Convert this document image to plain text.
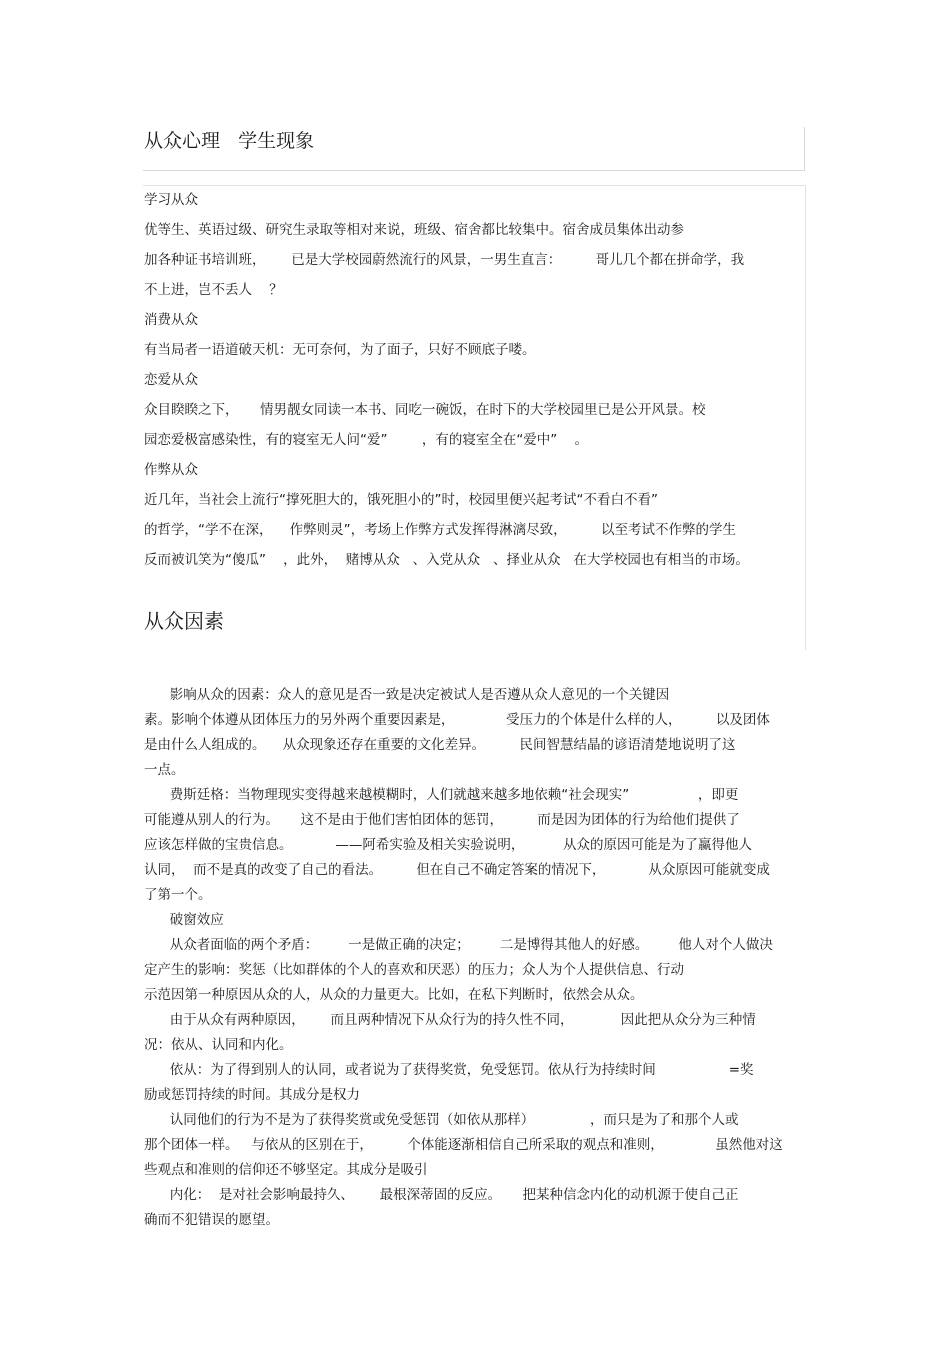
从众心理   学生现象

学习从众

优等生、英语过级、研究生录取等相对来说，班级、宿舍都比较集中。宿舍成员集体出动参

加各种证书培训班，      已是大学校园蔚然流行的风景，一男生直言：        哥儿几个都在拼命学，我

不上进，岂不丢人    ？

消费从众

有当局者一语道破天机：无可奈何，为了面子，只好不顾底子喽。

恋爱从众

众目睽睽之下，     情男靓女同读一本书、同吃一碗饭，在时下的大学校园里已是公开风景。校

园恋爱极富感染性，有的寝室无人问“爱”        ，有的寝室全在“爱中”    。

作弊从众

近几年，当社会上流行“撑死胆大的，饿死胆小的”时，校园里便兴起考试“不看白不看”

的哲学，“学不在深，    作弊则灵”，考场上作弊方式发挥得淋漓尽致，        以至考试不作弊的学生

反而被讥笑为“傻瓜”    ，此外，  赌博从众   、入党从众   、择业从众   在大学校园也有相当的市场。

从众因素

影响从众的因素：众人的意见是否一致是决定被试人是否遵从众人意见的一个关键因

素。影响个体遵从团体压力的另外两个重要因素是，            受压力的个体是什么样的人，        以及团体

是由什么人组成的。    从众现象还存在重要的文化差异。        民间智慧结晶的谚语清楚地说明了这

一点。

费斯廷格：当物理现实变得越来越模糊时，人们就越来越多地依赖“社会现实”                ，即更

可能遵从别人的行为。     这不是由于他们害怕团体的惩罚，        而是因为团体的行为给他们提供了

应该怎样做的宝贵信息。          ——阿希实验及相关实验说明，         从众的原因可能是为了赢得他人

认同，  而不是真的改变了自己的看法。        但在自己不确定答案的情况下，          从众原因可能就变成

了第一个。

破窗效应

从众者面临的两个矛盾：       一是做正确的决定；       二是博得其他人的好感。       他人对个人做决

定产生的影响：奖惩（比如群体的个人的喜欢和厌恶）的压力；众人为个人提供信息、行动

示范因第一种原因从众的人，从众的力量更大。比如，在私下判断时，依然会从众。

由于从众有两种原因，      而且两种情况下从众行为的持久性不同，           因此把从众分为三种情

况：依从、认同和内化。

依从：为了得到别人的认同，或者说为了获得奖赏，免受惩罚。依从行为持续时间                 =奖

励或惩罚持续的时间。其成分是权力

认同他们的行为不是为了获得奖赏或免受惩罚（如依从那样）             ，而只是为了和那个人或

那个团体一样。   与依从的区别在于，        个体能逐渐相信自己所采取的观点和准则，            虽然他对这

些观点和准则的信仰还不够坚定。其成分是吸引

内化：  是对社会影响最持久、      最根深蒂固的反应。     把某种信念内化的动机源于使自己正

确而不犯错误的愿望。
